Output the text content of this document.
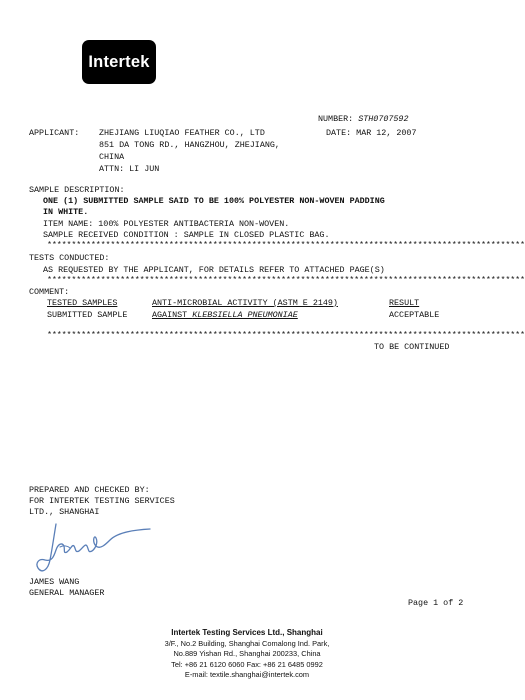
Intertek
NUMBER: STH0707592
APPLICANT: ZHEJIANG LIUQIAO FEATHER CO., LTD	DATE: MAR 12, 2007
851 DA TONG RD., HANGZHOU, ZHEJIANG,
CHINA
ATTN: LI JUN
SAMPLE DESCRIPTION:
ONE (1) SUBMITTED SAMPLE SAID TO BE 100% POLYESTER NON-WOVEN PADDING
IN WHITE.
ITEM NAME: 100% POLYESTER ANTIBACTERIA NON-WOVEN.
SAMPLE RECEIVED CONDITION : SAMPLE IN CLOSED PLASTIC BAG.
**************************************************************************************************
TESTS CONDUCTED:
AS REQUESTED BY THE APPLICANT, FOR DETAILS REFER TO ATTACHED PAGE(S)
**************************************************************************************************
COMMENT:
TESTED SAMPLES	ANTI-MICROBIAL ACTIVITY (ASTM E 2149)	RESULT
SUBMITTED SAMPLE	AGAINST KLEBSIELLA PNEUMONIAE	ACCEPTABLE
**************************************************************************************************
TO BE CONTINUED
PREPARED AND CHECKED BY:
FOR INTERTEK TESTING SERVICES
LTD., SHANGHAI
JAMES WANG
GENERAL MANAGER
Page 1 of 2
Intertek Testing Services Ltd., Shanghai
3/F., No.2 Building, Shanghai Comalong Ind. Park,
No.889 Yishan Rd., Shanghai 200233, China
Tel: +86 21 6120 6060 Fax: +86 21 6485 0992
E-mail: textile.shanghai@intertek.com
